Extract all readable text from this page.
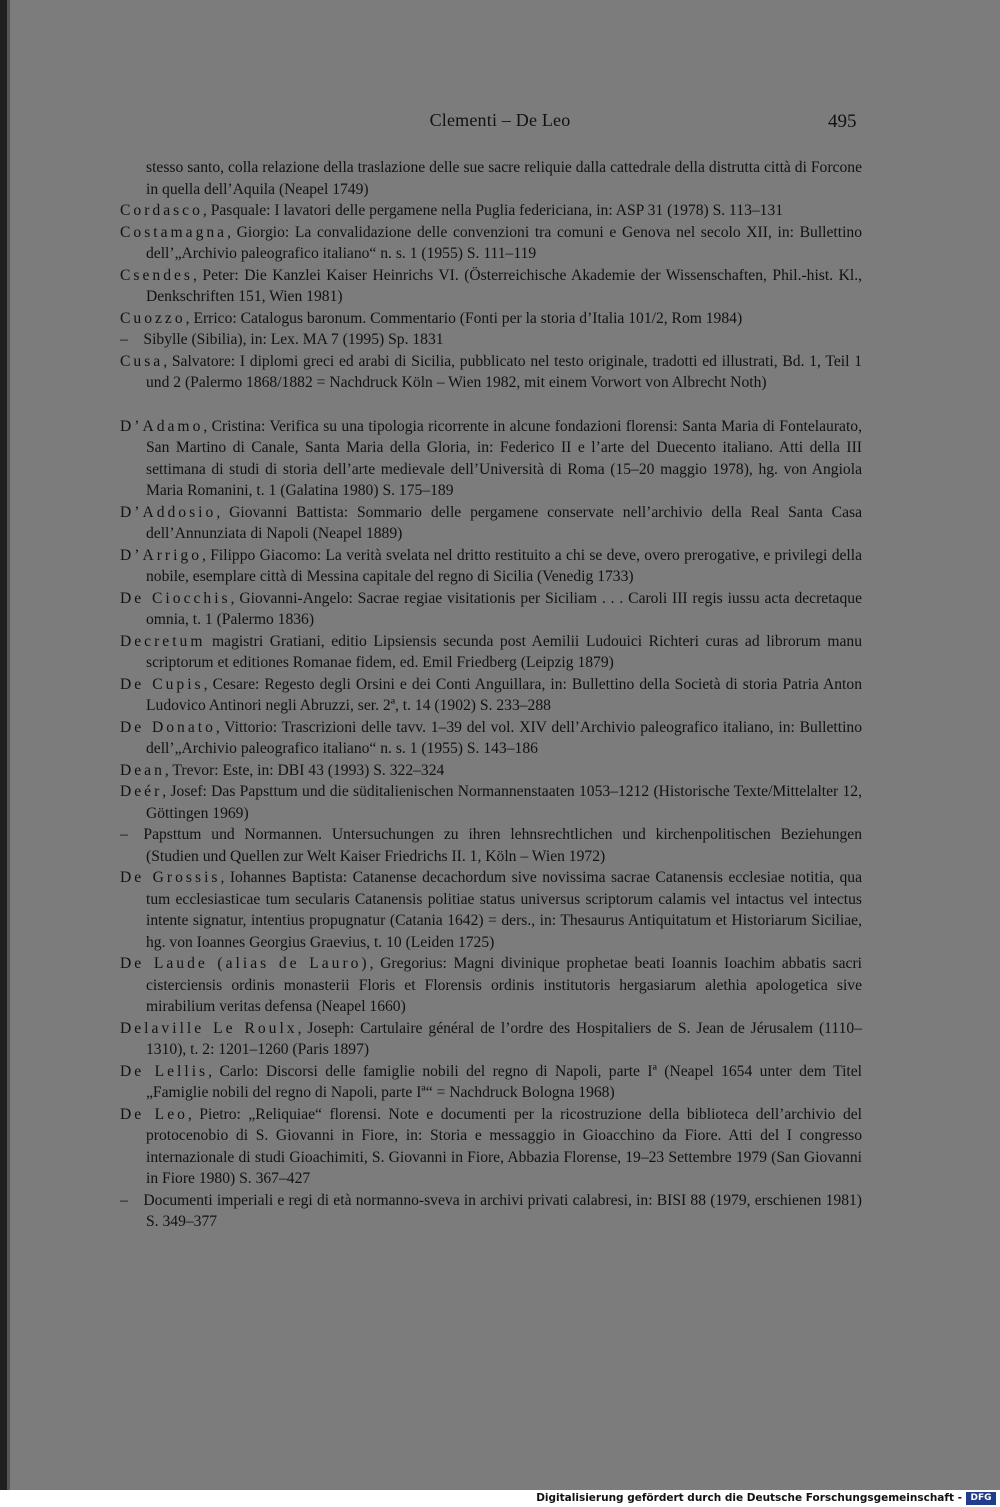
Clementi – De Leo	495

stesso santo, colla relazione della traslazione delle sue sacre reliquie dalla cattedrale della distrutta città di Forcone in quella dell’Aquila (Neapel 1749)

Cordasco, Pasquale: I lavatori delle pergamene nella Puglia federiciana, in: ASP 31 (1978) S. 113–131

Costamagna, Giorgio: La convalidazione delle convenzioni tra comuni e Genova nel secolo XII, in: Bullettino dell’„Archivio paleografico italiano“ n. s. 1 (1955) S. 111–119

Csendes, Peter: Die Kanzlei Kaiser Heinrichs VI. (Österreichische Akademie der Wissenschaften, Phil.-hist. Kl., Denkschriften 151, Wien 1981)

Cuozzo, Errico: Catalogus baronum. Commentario (Fonti per la storia d’Italia 101/2, Rom 1984)

– Sibylle (Sibilia), in: Lex. MA 7 (1995) Sp. 1831

Cusa, Salvatore: I diplomi greci ed arabi di Sicilia, pubblicato nel testo originale, tradotti ed illustrati, Bd. 1, Teil 1 und 2 (Palermo 1868/1882 = Nachdruck Köln – Wien 1982, mit einem Vorwort von Albrecht Noth)

D’Adamo, Cristina: Verifica su una tipologia ricorrente in alcune fondazioni florensi: Santa Maria di Fontelaurato, San Martino di Canale, Santa Maria della Gloria, in: Federico II e l’arte del Duecento italiano. Atti della III settimana di studi di storia dell’arte medievale dell’Università di Roma (15–20 maggio 1978), hg. von Angiola Maria Romanini, t. 1 (Galatina 1980) S. 175–189

D’Addosio, Giovanni Battista: Sommario delle pergamene conservate nell’archivio della Real Santa Casa dell’Annunziata di Napoli (Neapel 1889)

D’Arrigo, Filippo Giacomo: La verità svelata nel dritto restituito a chi se deve, overo prerogative, e privilegi della nobile, esemplare città di Messina capitale del regno di Sicilia (Venedig 1733)

De Ciocchis, Giovanni-Angelo: Sacrae regiae visitationis per Siciliam . . . Caroli III regis iussu acta decretaque omnia, t. 1 (Palermo 1836)

Decretum magistri Gratiani, editio Lipsiensis secunda post Aemilii Ludouici Richteri curas ad librorum manu scriptorum et editiones Romanae fidem, ed. Emil Friedberg (Leipzig 1879)

De Cupis, Cesare: Regesto degli Orsini e dei Conti Anguillara, in: Bullettino della Società di storia Patria Anton Ludovico Antinori negli Abruzzi, ser. 2ª, t. 14 (1902) S. 233–288

De Donato, Vittorio: Trascrizioni delle tavv. 1–39 del vol. XIV dell’Archivio paleografico italiano, in: Bullettino dell’„Archivio paleografico italiano“ n. s. 1 (1955) S. 143–186

Dean, Trevor: Este, in: DBI 43 (1993) S. 322–324

Deér, Josef: Das Papsttum und die süditalienischen Normannenstaaten 1053–1212 (Historische Texte/Mittelalter 12, Göttingen 1969)

– Papsttum und Normannen. Untersuchungen zu ihren lehnsrechtlichen und kirchenpolitischen Beziehungen (Studien und Quellen zur Welt Kaiser Friedrichs II. 1, Köln – Wien 1972)

De Grossis, Iohannes Baptista: Catanense decachordum sive novissima sacrae Catanensis ecclesiae notitia, qua tum ecclesiasticae tum secularis Catanensis politiae status universus scriptorum calamis vel intactus vel intectus intente signatur, intentius propugnatur (Catania 1642) = ders., in: Thesaurus Antiquitatum et Historiarum Siciliae, hg. von Ioannes Georgius Graevius, t. 10 (Leiden 1725)

De Laude (alias de Lauro), Gregorius: Magni divinique prophetae beati Ioannis Ioachim abbatis sacri cisterciensis ordinis monasterii Floris et Florensis ordinis institutoris hergasiarum alethia apologetica sive mirabilium veritas defensa (Neapel 1660)

Delaville Le Roulx, Joseph: Cartulaire général de l’ordre des Hospitaliers de S. Jean de Jérusalem (1110–1310), t. 2: 1201–1260 (Paris 1897)

De Lellis, Carlo: Discorsi delle famiglie nobili del regno di Napoli, parte Iª (Neapel 1654 unter dem Titel „Famiglie nobili del regno di Napoli, parte Iª“ = Nachdruck Bologna 1968)

De Leo, Pietro: „Reliquiae“ florensi. Note e documenti per la ricostruzione della biblioteca dell’archivio del protocenobio di S. Giovanni in Fiore, in: Storia e messaggio in Gioacchino da Fiore. Atti del I congresso internazionale di studi Gioachimiti, S. Giovanni in Fiore, Abbazia Florense, 19–23 Settembre 1979 (San Giovanni in Fiore 1980) S. 367–427

– Documenti imperiali e regi di età normanno-sveva in archivi privati calabresi, in: BISI 88 (1979, erschienen 1981) S. 349–377

Digitalisierung gefördert durch die Deutsche Forschungsgemeinschaft - DFG
